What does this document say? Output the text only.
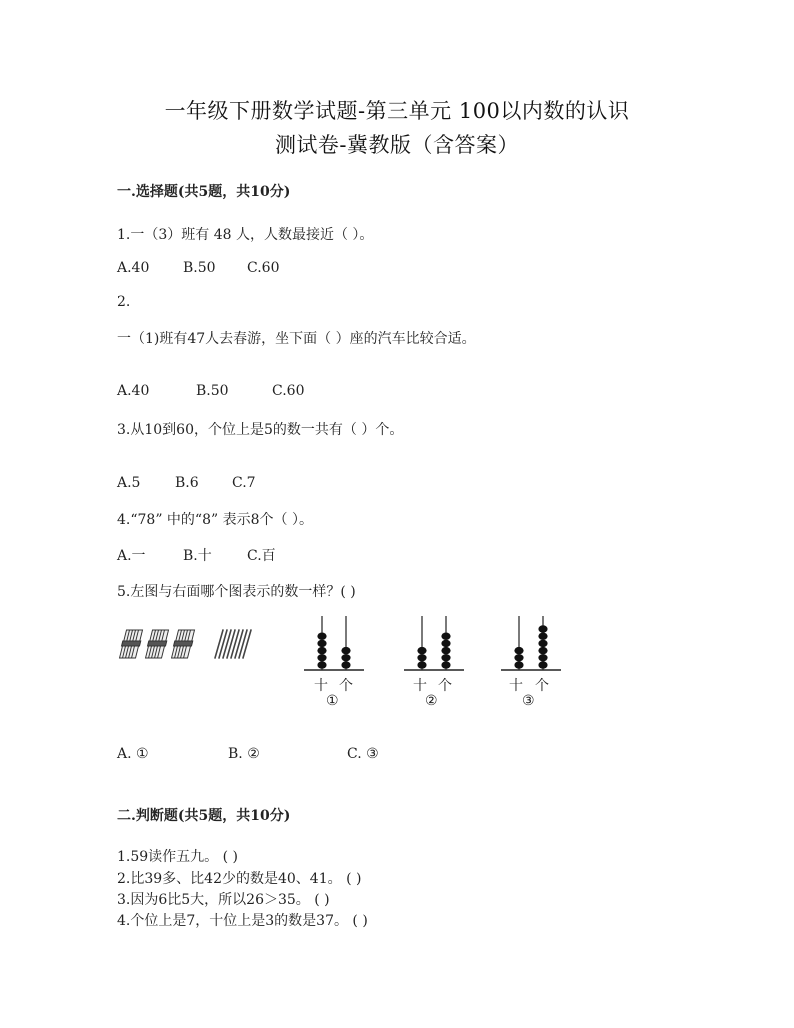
一年级下册数学试题-第三单元 100以内数的认识
测试卷-冀教版（含答案）
一.选择题(共5题，共10分)
1.一（3）班有 48 人，人数最接近（ ）。
A.40 B.50 C.60
2.
一（1)班有47人去春游，坐下面（ ）座的汽车比较合适。
A.40	B.50	C.60
3.从10到60，个位上是5的数一共有（ ）个。
A.5 B.6 C.7
4.“78” 中的“8” 表示8个（ ）。
A.一	B.十	C.百
5.左图与右面哪个图表示的数一样？( )
十 个
①
十 个
②
十 个
③
A. ①	B. ②	C. ③
二.判断题(共5题，共10分)
1.59读作五九。 ( )
2.比39多、比42少的数是40、41。 ( )
3.因为6比5大，所以26＞35。 ( )
4.个位上是7，十位上是3的数是37。 ( )
